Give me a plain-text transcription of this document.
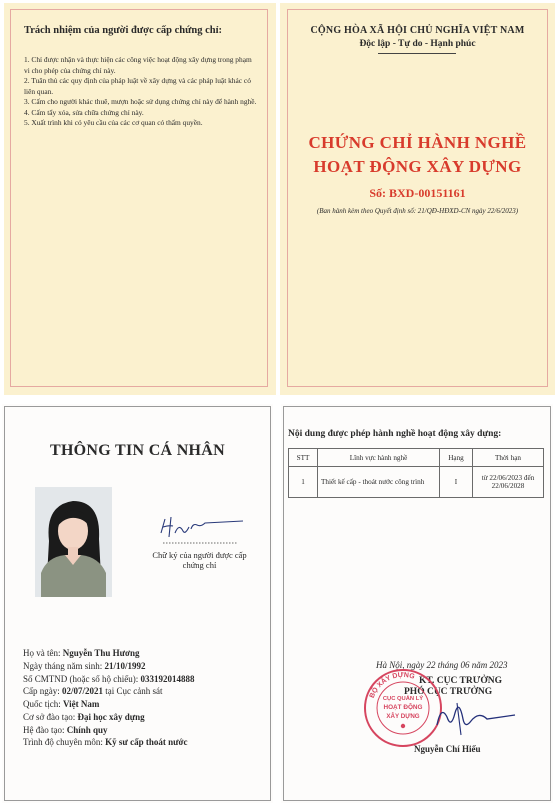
Trách nhiệm của người được cấp chứng chỉ:
1. Chỉ được nhận và thực hiện các công việc hoạt động xây dựng trong phạm vi cho phép của chứng chỉ này.
2. Tuân thủ các quy định của pháp luật về xây dựng và các pháp luật khác có liên quan.
3. Cấm cho người khác thuê, mượn hoặc sử dụng chứng chỉ này để hành nghề.
4. Cấm tẩy xóa, sửa chữa chứng chỉ này.
5. Xuất trình khi có yêu cầu của các cơ quan có thẩm quyền.
CỘNG HÒA XÃ HỘI CHỦ NGHĨA VIỆT NAM
Độc lập - Tự do - Hạnh phúc
CHỨNG CHỈ HÀNH NGHỀ
HOẠT ĐỘNG XÂY DỰNG
Số: BXD-00151161
(Ban hành kèm theo Quyết định số: 21/QĐ-HĐXD-CN ngày 22/6/2023)
THÔNG TIN CÁ NHÂN
Chữ ký của người được cấp chứng chỉ
Họ và tên: Nguyễn Thu Hương
Ngày tháng năm sinh: 21/10/1992
Số CMTND (hoặc số hộ chiếu): 033192014888
Cấp ngày: 02/07/2021 tại Cục cảnh sát
Quốc tịch: Việt Nam
Cơ sở đào tạo: Đại học xây dựng
Hệ đào tạo: Chính quy
Trình độ chuyên môn: Kỹ sư cấp thoát nước
Nội dung được phép hành nghề hoạt động xây dựng:
STT	Lĩnh vực hành nghề	Hạng	Thời hạn
1	Thiết kế cấp - thoát nước công trình	I	từ 22/06/2023 đến 22/06/2028
Hà Nội, ngày 22 tháng 06 năm 2023
KT. CỤC TRƯỞNG
PHÓ CỤC TRƯỞNG
BỘ XÂY DỰNG
CỤC QUẢN LÝ
HOẠT ĐỘNG
XÂY DỰNG
Nguyễn Chí Hiếu
